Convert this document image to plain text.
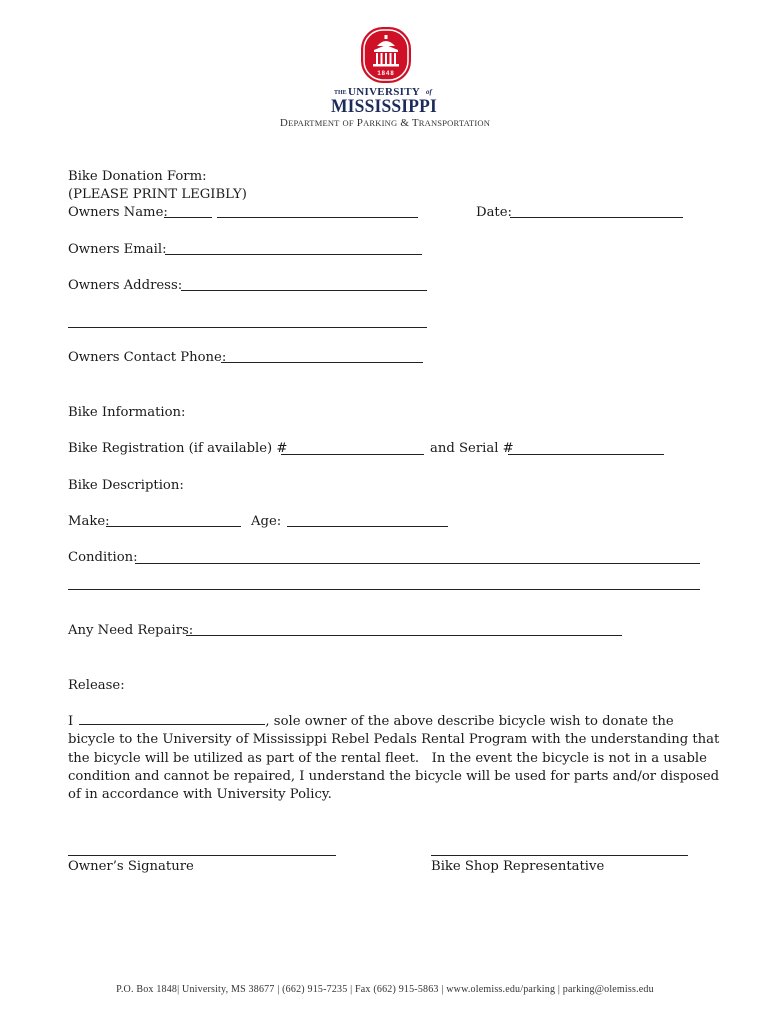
1848
THE UNIVERSITY of
MISSISSIPPI
DEPARTMENT OF PARKING & TRANSPORTATION
Bike Donation Form:
(PLEASE PRINT LEGIBLY)
Owners Name:	Date:
Owners Email:
Owners Address:
Owners Contact Phone:
Bike Information:
Bike Registration (if available) #	and Serial #
Bike Description:
Make:	Age:
Condition:
Any Need Repairs:
Release:
I	, sole owner of the above describe bicycle wish to donate the
bicycle to the University of Mississippi Rebel Pedals Rental Program with the understanding that
the bicycle will be utilized as part of the rental fleet.   In the event the bicycle is not in a usable
condition and cannot be repaired, I understand the bicycle will be used for parts and/or disposed
of in accordance with University Policy.
Owner’s Signature	Bike Shop Representative
P.O. Box 1848| University, MS 38677 | (662) 915-7235 | Fax (662) 915-5863 | www.olemiss.edu/parking | parking@olemiss.edu
